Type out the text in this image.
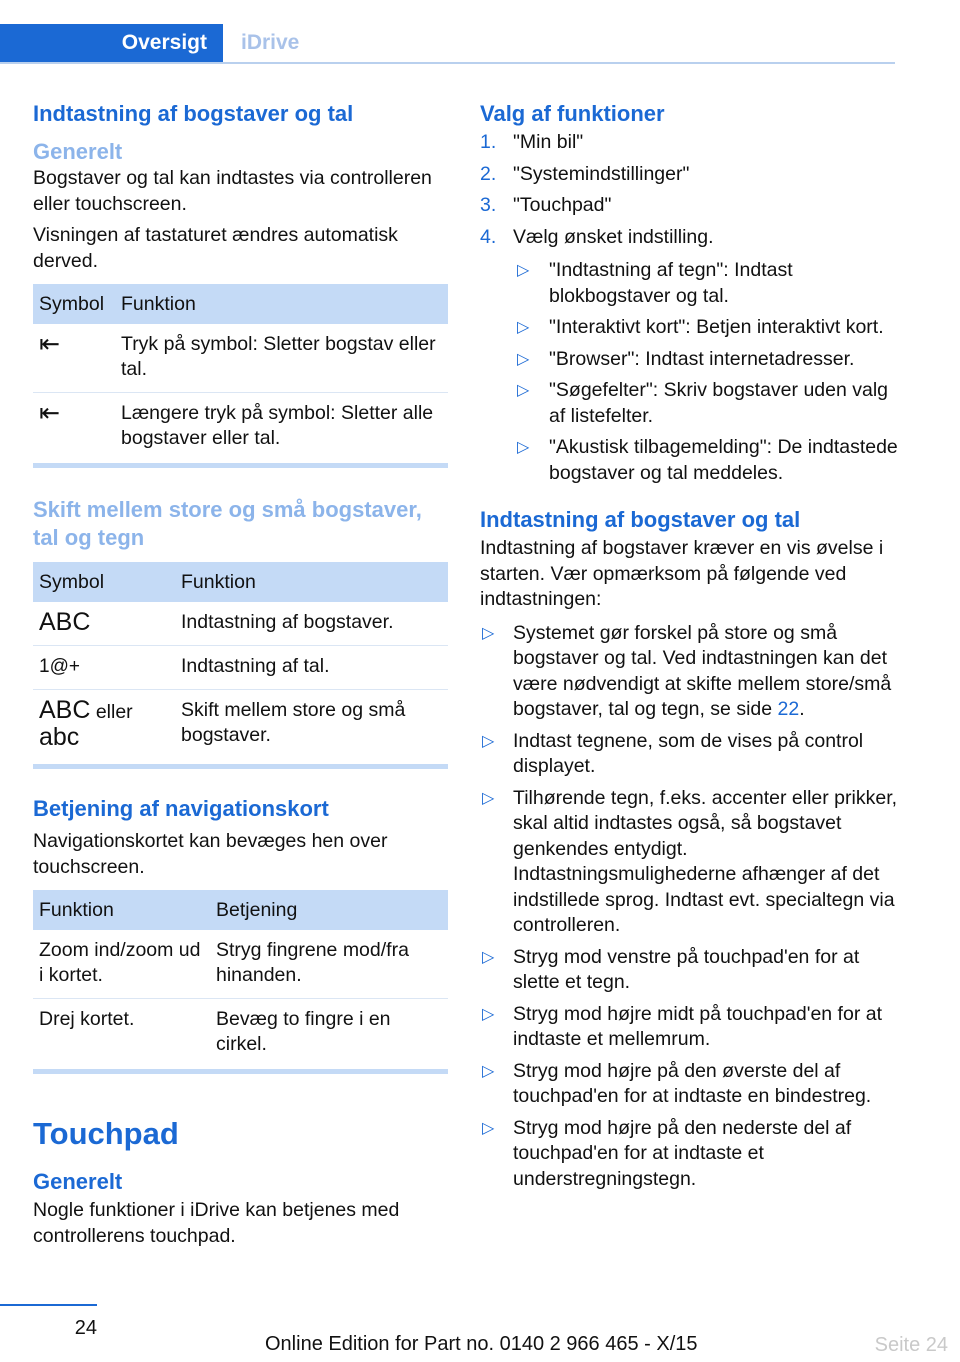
Oversigt	iDrive
Indtastning af bogstaver og tal
Generelt

Bogstaver og tal kan indtastes via controlleren eller touchscreen.

Visningen af tastaturet ændres automatisk derved.

Symbol	Funktion
⇤	Tryk på symbol: Sletter bogstav eller tal.
⇤	Længere tryk på symbol: Sletter alle bogstaver eller tal.
Skift mellem store og små bogstaver, tal og tegn
Symbol	Funktion
ABC	Indtastning af bogstaver.
1@+	Indtastning af tal.
ABC eller
abc	Skift mellem store og små bogstaver.
Betjening af navigationskort

Navigationskortet kan bevæges hen over touchscreen.

Funktion	Betjening
Zoom ind/zoom ud i kortet.	Stryg fingrene mod/fra hinanden.
Drej kortet.	Bevæg to fingre i en cirkel.
Touchpad
Generelt

Nogle funktioner i iDrive kan betjenes med controllerens touchpad.

Valg af funktioner
1. "Min bil"
2. "Systemindstillinger"
3. "Touchpad"
4. Vælg ønsket indstilling.
▷ "Indtastning af tegn": Indtast blokbogstaver og tal.
▷ "Interaktivt kort": Betjen interaktivt kort.
▷ "Browser": Indtast internetadresser.
▷ "Søgefelter": Skriv bogstaver uden valg af listefelter.
▷ "Akustisk tilbagemelding": De indtastede bogstaver og tal meddeles.
Indtastning af bogstaver og tal

Indtastning af bogstaver kræver en vis øvelse i starten. Vær opmærksom på følgende ved indtastningen:

▷ Systemet gør forskel på store og små bogstaver og tal. Ved indtastningen kan det være nødvendigt at skifte mellem store/små bogstaver, tal og tegn, se side 22.
▷ Indtast tegnene, som de vises på control displayet.
▷ Tilhørende tegn, f.eks. accenter eller prikker, skal altid indtastes også, så bogstavet genkendes entydigt. Indtastningsmulighederne afhænger af det indstillede sprog. Indtast evt. specialtegn via controlleren.
▷ Stryg mod venstre på touchpad'en for at slette et tegn.
▷ Stryg mod højre midt på touchpad'en for at indtaste et mellemrum.
▷ Stryg mod højre på den øverste del af touchpad'en for at indtaste en bindestreg.
▷ Stryg mod højre på den nederste del af touchpad'en for at indtaste et understregningstegn.
24
Online Edition for Part no. 0140 2 966 465 - X/15	Seite 24
